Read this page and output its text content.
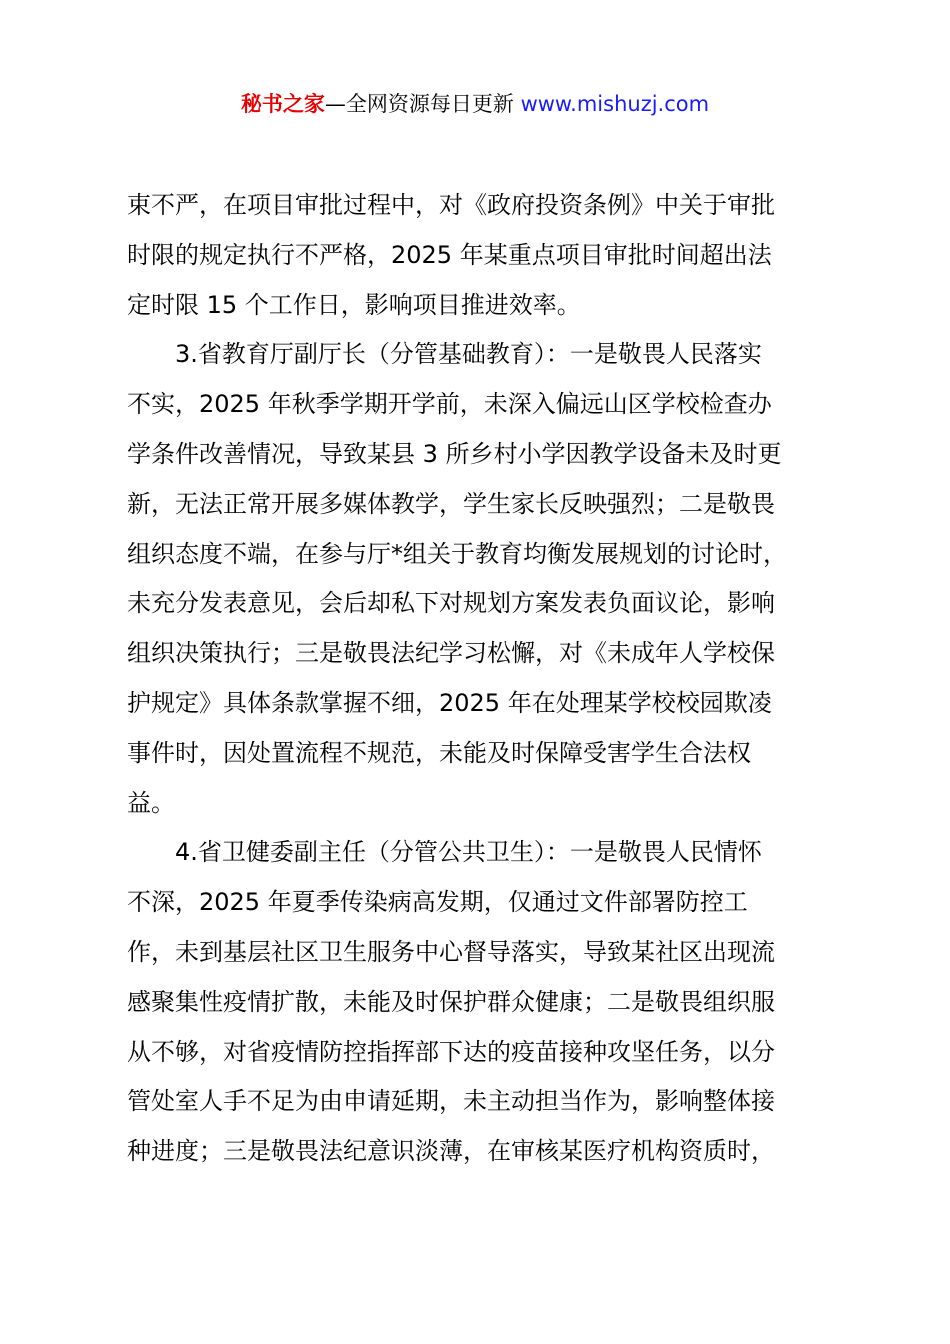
秘书之家—全网资源每日更新 www.mishuzj.com

束不严，在项目审批过程中，对《政府投资条例》中关于审批
时限的规定执行不严格，2025 年某重点项目审批时间超出法
定时限 15 个工作日，影响项目推进效率。

3.省教育厅副厅长（分管基础教育）：一是敬畏人民落实
不实，2025 年秋季学期开学前，未深入偏远山区学校检查办
学条件改善情况，导致某县 3 所乡村小学因教学设备未及时更
新，无法正常开展多媒体教学，学生家长反映强烈；二是敬畏
组织态度不端，在参与厅*组关于教育均衡发展规划的讨论时，
未充分发表意见，会后却私下对规划方案发表负面议论，影响
组织决策执行；三是敬畏法纪学习松懈，对《未成年人学校保
护规定》具体条款掌握不细，2025 年在处理某学校校园欺凌
事件时，因处置流程不规范，未能及时保障受害学生合法权
益。

4.省卫健委副主任（分管公共卫生）：一是敬畏人民情怀
不深，2025 年夏季传染病高发期，仅通过文件部署防控工
作，未到基层社区卫生服务中心督导落实，导致某社区出现流
感聚集性疫情扩散，未能及时保护群众健康；二是敬畏组织服
从不够，对省疫情防控指挥部下达的疫苗接种攻坚任务，以分
管处室人手不足为由申请延期，未主动担当作为，影响整体接
种进度；三是敬畏法纪意识淡薄，在审核某医疗机构资质时，
